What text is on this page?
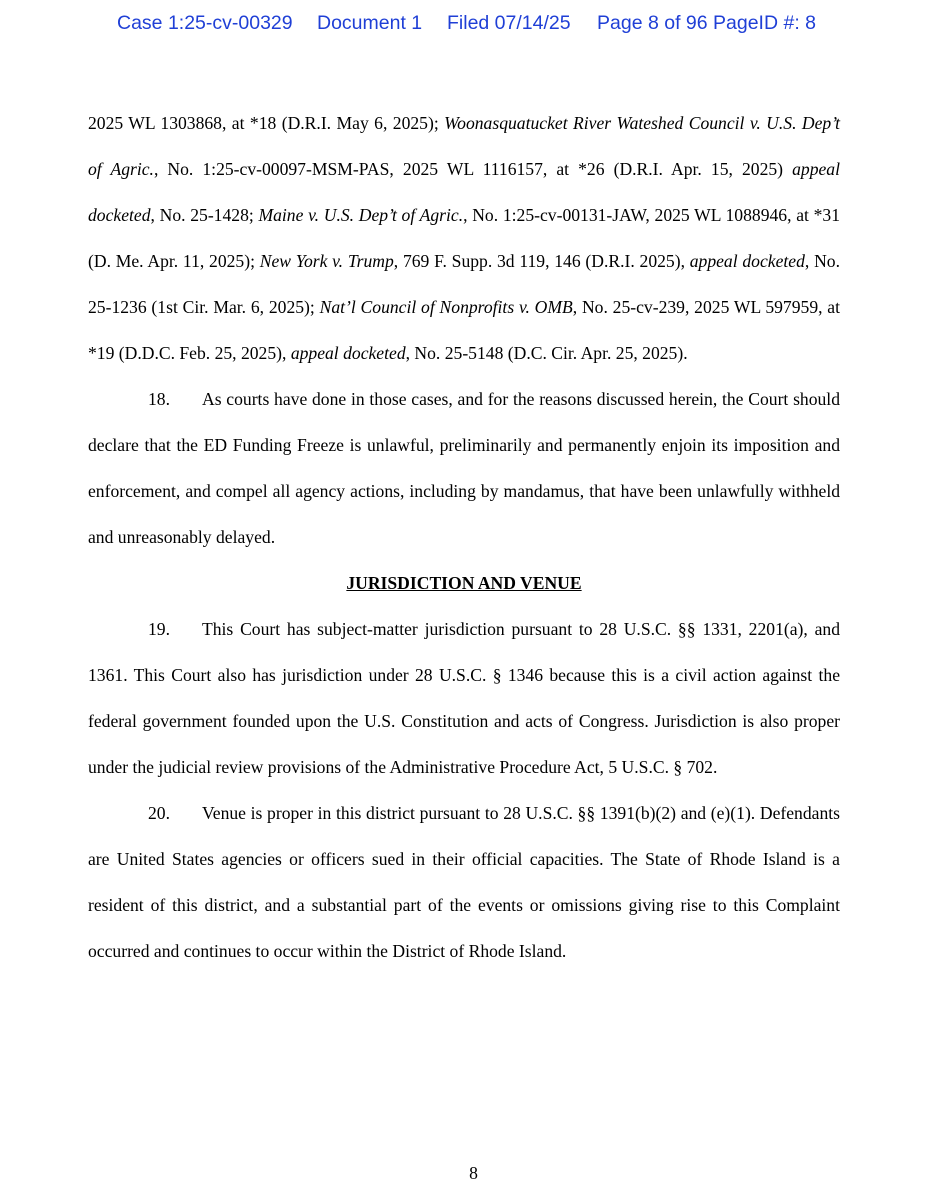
Case 1:25-cv-00329 Document 1 Filed 07/14/25 Page 8 of 96 PageID #: 8

2025 WL 1303868, at *18 (D.R.I. May 6, 2025); Woonasquatucket River Wateshed Council v. U.S. Dep’t of Agric., No. 1:25-cv-00097-MSM-PAS, 2025 WL 1116157, at *26 (D.R.I. Apr. 15, 2025) appeal docketed, No. 25-1428; Maine v. U.S. Dep’t of Agric., No. 1:25-cv-00131-JAW, 2025 WL 1088946, at *31 (D. Me. Apr. 11, 2025); New York v. Trump, 769 F. Supp. 3d 119, 146 (D.R.I. 2025), appeal docketed, No. 25-1236 (1st Cir. Mar. 6, 2025); Nat’l Council of Nonprofits v. OMB, No. 25-cv-239, 2025 WL 597959, at *19 (D.D.C. Feb. 25, 2025), appeal docketed, No. 25-5148 (D.C. Cir. Apr. 25, 2025).

18. As courts have done in those cases, and for the reasons discussed herein, the Court should declare that the ED Funding Freeze is unlawful, preliminarily and permanently enjoin its imposition and enforcement, and compel all agency actions, including by mandamus, that have been unlawfully withheld and unreasonably delayed.

JURISDICTION AND VENUE

19. This Court has subject-matter jurisdiction pursuant to 28 U.S.C. §§ 1331, 2201(a), and 1361. This Court also has jurisdiction under 28 U.S.C. § 1346 because this is a civil action against the federal government founded upon the U.S. Constitution and acts of Congress. Jurisdiction is also proper under the judicial review provisions of the Administrative Procedure Act, 5 U.S.C. § 702.

20. Venue is proper in this district pursuant to 28 U.S.C. §§ 1391(b)(2) and (e)(1). Defendants are United States agencies or officers sued in their official capacities. The State of Rhode Island is a resident of this district, and a substantial part of the events or omissions giving rise to this Complaint occurred and continues to occur within the District of Rhode Island.

8
